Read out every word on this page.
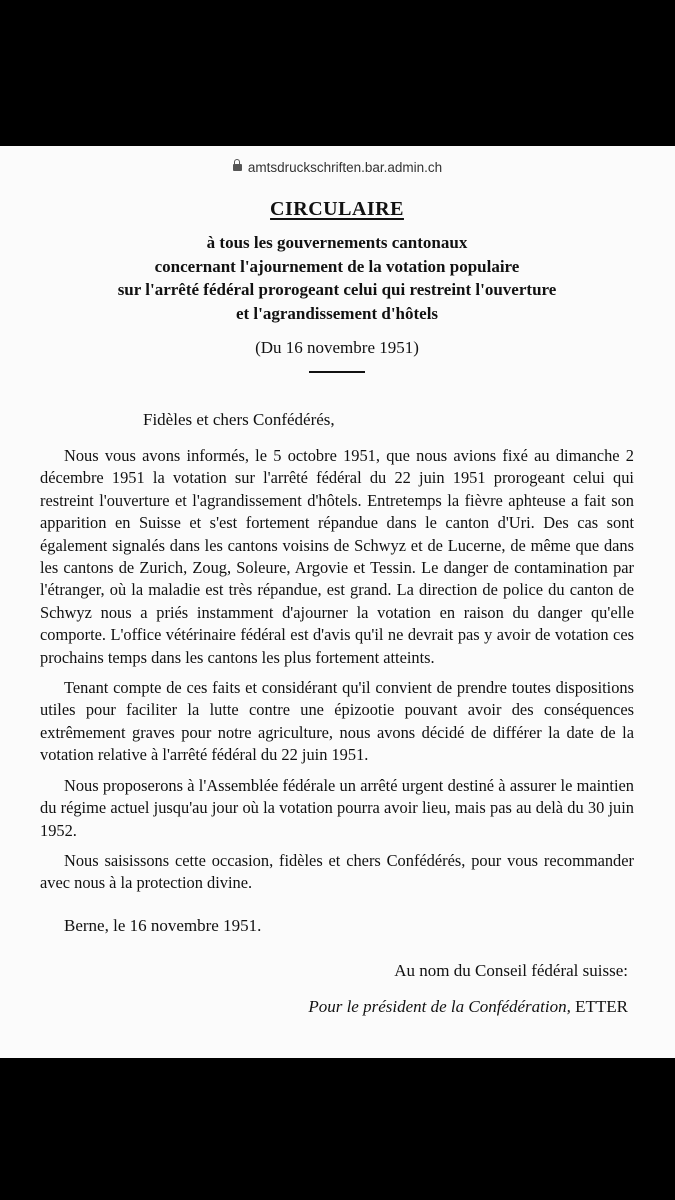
amtsdruckschriften.bar.admin.ch

CIRCULAIRE

à tous les gouvernements cantonaux
concernant l'ajournement de la votation populaire
sur l'arrêté fédéral prorogeant celui qui restreint l'ouverture
et l'agrandissement d'hôtels

(Du 16 novembre 1951)

Fidèles et chers Confédérés,

Nous vous avons informés, le 5 octobre 1951, que nous avions fixé au dimanche 2 décembre 1951 la votation sur l'arrêté fédéral du 22 juin 1951 prorogeant celui qui restreint l'ouverture et l'agrandissement d'hôtels. Entretemps la fièvre aphteuse a fait son apparition en Suisse et s'est fortement répandue dans le canton d'Uri. Des cas sont également signalés dans les cantons voisins de Schwyz et de Lucerne, de même que dans les cantons de Zurich, Zoug, Soleure, Argovie et Tessin. Le danger de contamination par l'étranger, où la maladie est très répandue, est grand. La direction de police du canton de Schwyz nous a priés instamment d'ajourner la votation en raison du danger qu'elle comporte. L'office vétérinaire fédéral est d'avis qu'il ne devrait pas y avoir de votation ces prochains temps dans les cantons les plus fortement atteints.

Tenant compte de ces faits et considérant qu'il convient de prendre toutes dispositions utiles pour faciliter la lutte contre une épizootie pouvant avoir des conséquences extrêmement graves pour notre agriculture, nous avons décidé de différer la date de la votation relative à l'arrêté fédéral du 22 juin 1951.

Nous proposerons à l'Assemblée fédérale un arrêté urgent destiné à assurer le maintien du régime actuel jusqu'au jour où la votation pourra avoir lieu, mais pas au delà du 30 juin 1952.

Nous saisissons cette occasion, fidèles et chers Confédérés, pour vous recommander avec nous à la protection divine.

Berne, le 16 novembre 1951.

Au nom du Conseil fédéral suisse:

Pour le président de la Confédération, ETTER
